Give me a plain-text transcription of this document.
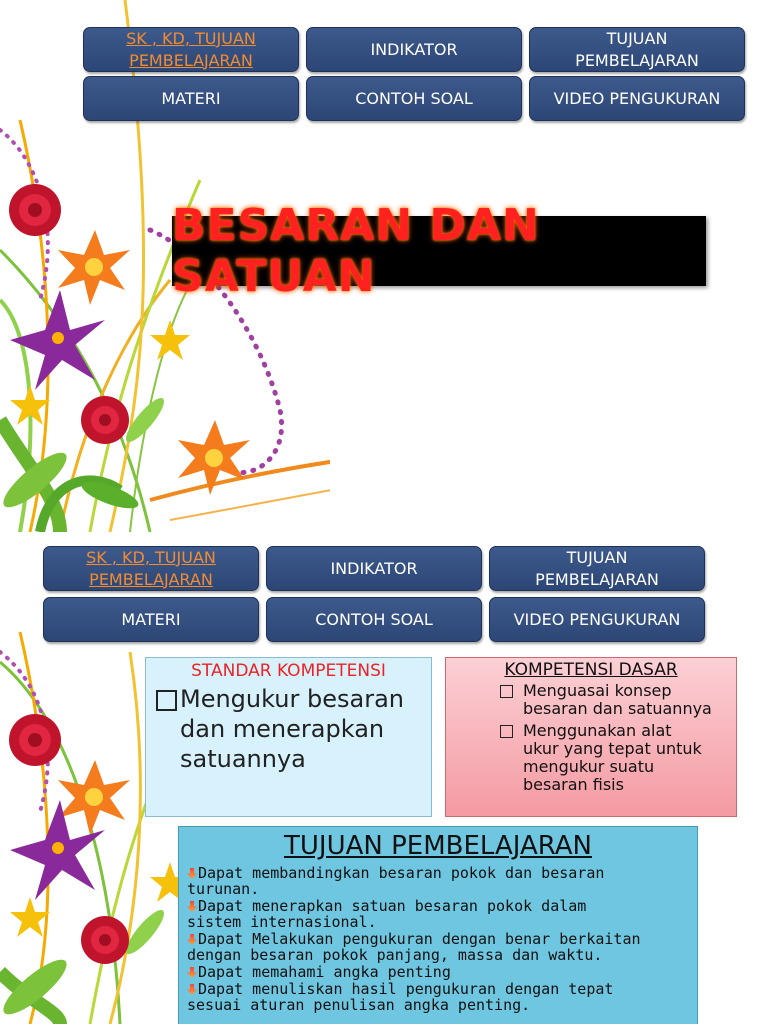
SK , KD, TUJUAN
PEMBELAJARAN
INDIKATOR
TUJUAN
PEMBELAJARAN
MATERI	CONTOH SOAL	VIDEO PENGUKURAN
BESARAN DAN SATUAN
SK , KD, TUJUAN
PEMBELAJARAN
INDIKATOR
TUJUAN
PEMBELAJARAN
MATERI	CONTOH SOAL	VIDEO PENGUKURAN
STANDAR KOMPETENSI
Mengukur besaran
dan menerapkan
satuannya
KOMPETENSI DASAR
Menguasai konsep
besaran dan satuannya
Menggunakan alat
ukur yang tepat untuk
mengukur suatu
besaran fisis
TUJUAN PEMBELAJARAN
Dapat membandingkan besaran pokok dan besaran
turunan.
Dapat menerapkan satuan besaran pokok dalam
sistem internasional.
Dapat Melakukan pengukuran dengan benar berkaitan
dengan besaran pokok panjang, massa dan waktu.
Dapat memahami angka penting
Dapat menuliskan hasil pengukuran dengan tepat
sesuai aturan penulisan angka penting.
